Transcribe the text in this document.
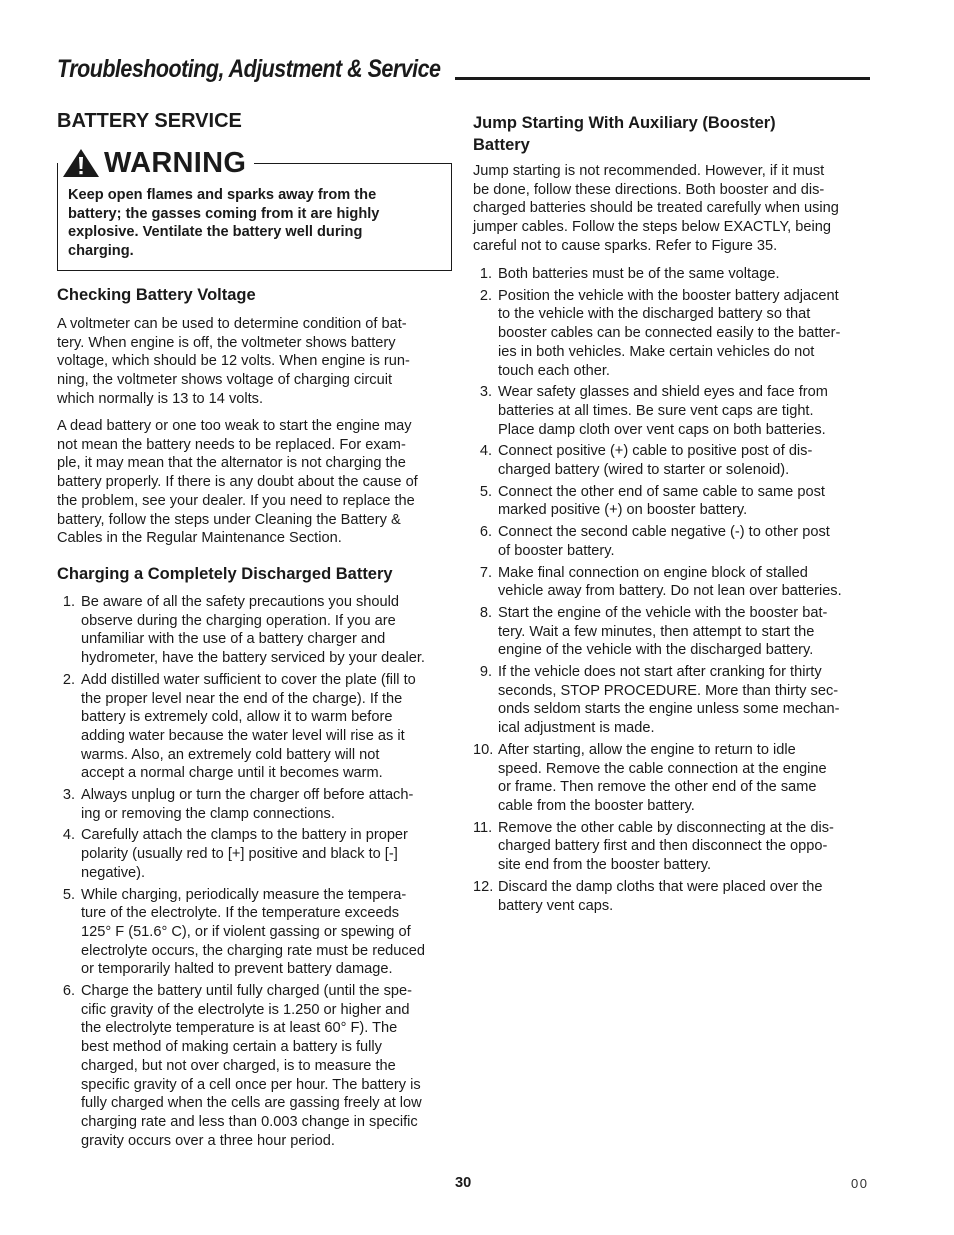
Troubleshooting, Adjustment & Service
BATTERY SERVICE
WARNING
Keep open flames and sparks away from the
battery; the gasses coming from it are highly
explosive. Ventilate the battery well during
charging.
Checking Battery Voltage
A voltmeter can be used to determine condition of bat-
tery. When engine is off, the voltmeter shows battery
voltage, which should be 12 volts. When engine is run-
ning, the voltmeter shows voltage of charging circuit
which normally is 13 to 14 volts.
A dead battery or one too weak to start the engine may
not mean the battery needs to be replaced. For exam-
ple, it may mean that the alternator is not charging the
battery properly. If there is any doubt about the cause of
the problem, see your dealer. If you need to replace the
battery, follow the steps under Cleaning the Battery &
Cables in the Regular Maintenance Section.
Charging a Completely Discharged Battery
1. Be aware of all the safety precautions you should
observe during the charging operation. If you are
unfamiliar with the use of a battery charger and
hydrometer, have the battery serviced by your dealer.
2. Add distilled water sufficient to cover the plate (fill to
the proper level near the end of the charge). If the
battery is extremely cold, allow it to warm before
adding water because the water level will rise as it
warms. Also, an extremely cold battery will not
accept a normal charge until it becomes warm.
3. Always unplug or turn the charger off before attach-
ing or removing the clamp connections.
4. Carefully attach the clamps to the battery in proper
polarity (usually red to [+] positive and black to [-]
negative).
5. While charging, periodically measure the tempera-
ture of the electrolyte. If the temperature exceeds
125° F (51.6° C), or if violent gassing or spewing of
electrolyte occurs, the charging rate must be reduced
or temporarily halted to prevent battery damage.
6. Charge the battery until fully charged (until the spe-
cific gravity of the electrolyte is 1.250 or higher and
the electrolyte temperature is at least 60° F). The
best method of making certain a battery is fully
charged, but not over charged, is to measure the
specific gravity of a cell once per hour. The battery is
fully charged when the cells are gassing freely at low
charging rate and less than 0.003 change in specific
gravity occurs over a three hour period.
Jump Starting With Auxiliary (Booster)
Battery
Jump starting is not recommended. However, if it must
be done, follow these directions. Both booster and dis-
charged batteries should be treated carefully when using
jumper cables. Follow the steps below EXACTLY, being
careful not to cause sparks. Refer to Figure 35.
1. Both batteries must be of the same voltage.
2. Position the vehicle with the booster battery adjacent
to the vehicle with the discharged battery so that
booster cables can be connected easily to the batter-
ies in both vehicles. Make certain vehicles do not
touch each other.
3. Wear safety glasses and shield eyes and face from
batteries at all times. Be sure vent caps are tight.
Place damp cloth over vent caps on both batteries.
4. Connect positive (+) cable to positive post of dis-
charged battery (wired to starter or solenoid).
5. Connect the other end of same cable to same post
marked positive (+) on booster battery.
6. Connect the second cable negative (-) to other post
of booster battery.
7. Make final connection on engine block of stalled
vehicle away from battery. Do not lean over batteries.
8. Start the engine of the vehicle with the booster bat-
tery. Wait a few minutes, then attempt to start the
engine of the vehicle with the discharged battery.
9. If the vehicle does not start after cranking for thirty
seconds, STOP PROCEDURE. More than thirty sec-
onds seldom starts the engine unless some mechan-
ical adjustment is made.
10. After starting, allow the engine to return to idle
speed. Remove the cable connection at the engine
or frame. Then remove the other end of the same
cable from the booster battery.
11. Remove the other cable by disconnecting at the dis-
charged battery first and then disconnect the oppo-
site end from the booster battery.
12. Discard the damp cloths that were placed over the
battery vent caps.
30	00
